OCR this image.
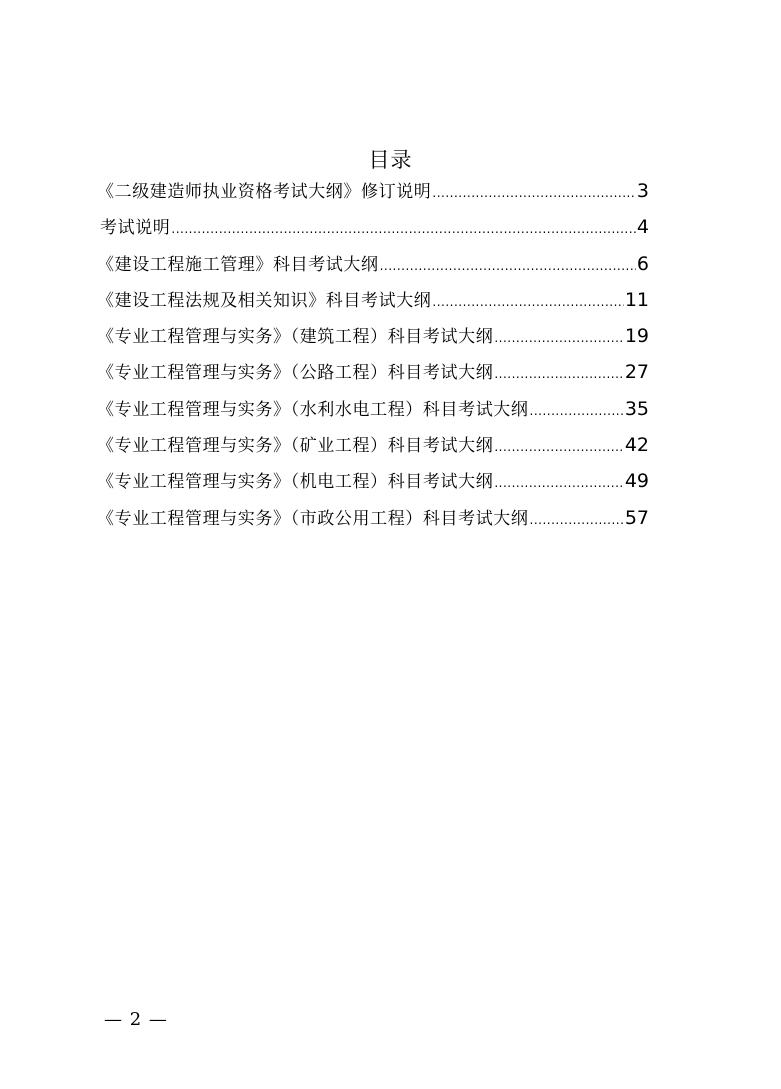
目录
《二级建造师执业资格考试大纲》修订说明 .....	3
考试说明 .....	4
《建设工程施工管理》科目考试大纲 .....	6
《建设工程法规及相关知识》科目考试大纲 .....	11
《专业工程管理与实务》（建筑工程）科目考试大纲 .....	19
《专业工程管理与实务》（公路工程）科目考试大纲 .....	27
《专业工程管理与实务》（水利水电工程）科目考试大纲 .....	35
《专业工程管理与实务》（矿业工程）科目考试大纲 .....	42
《专业工程管理与实务》（机电工程）科目考试大纲 .....	49
《专业工程管理与实务》（市政公用工程）科目考试大纲 .....	57
— 2 —
